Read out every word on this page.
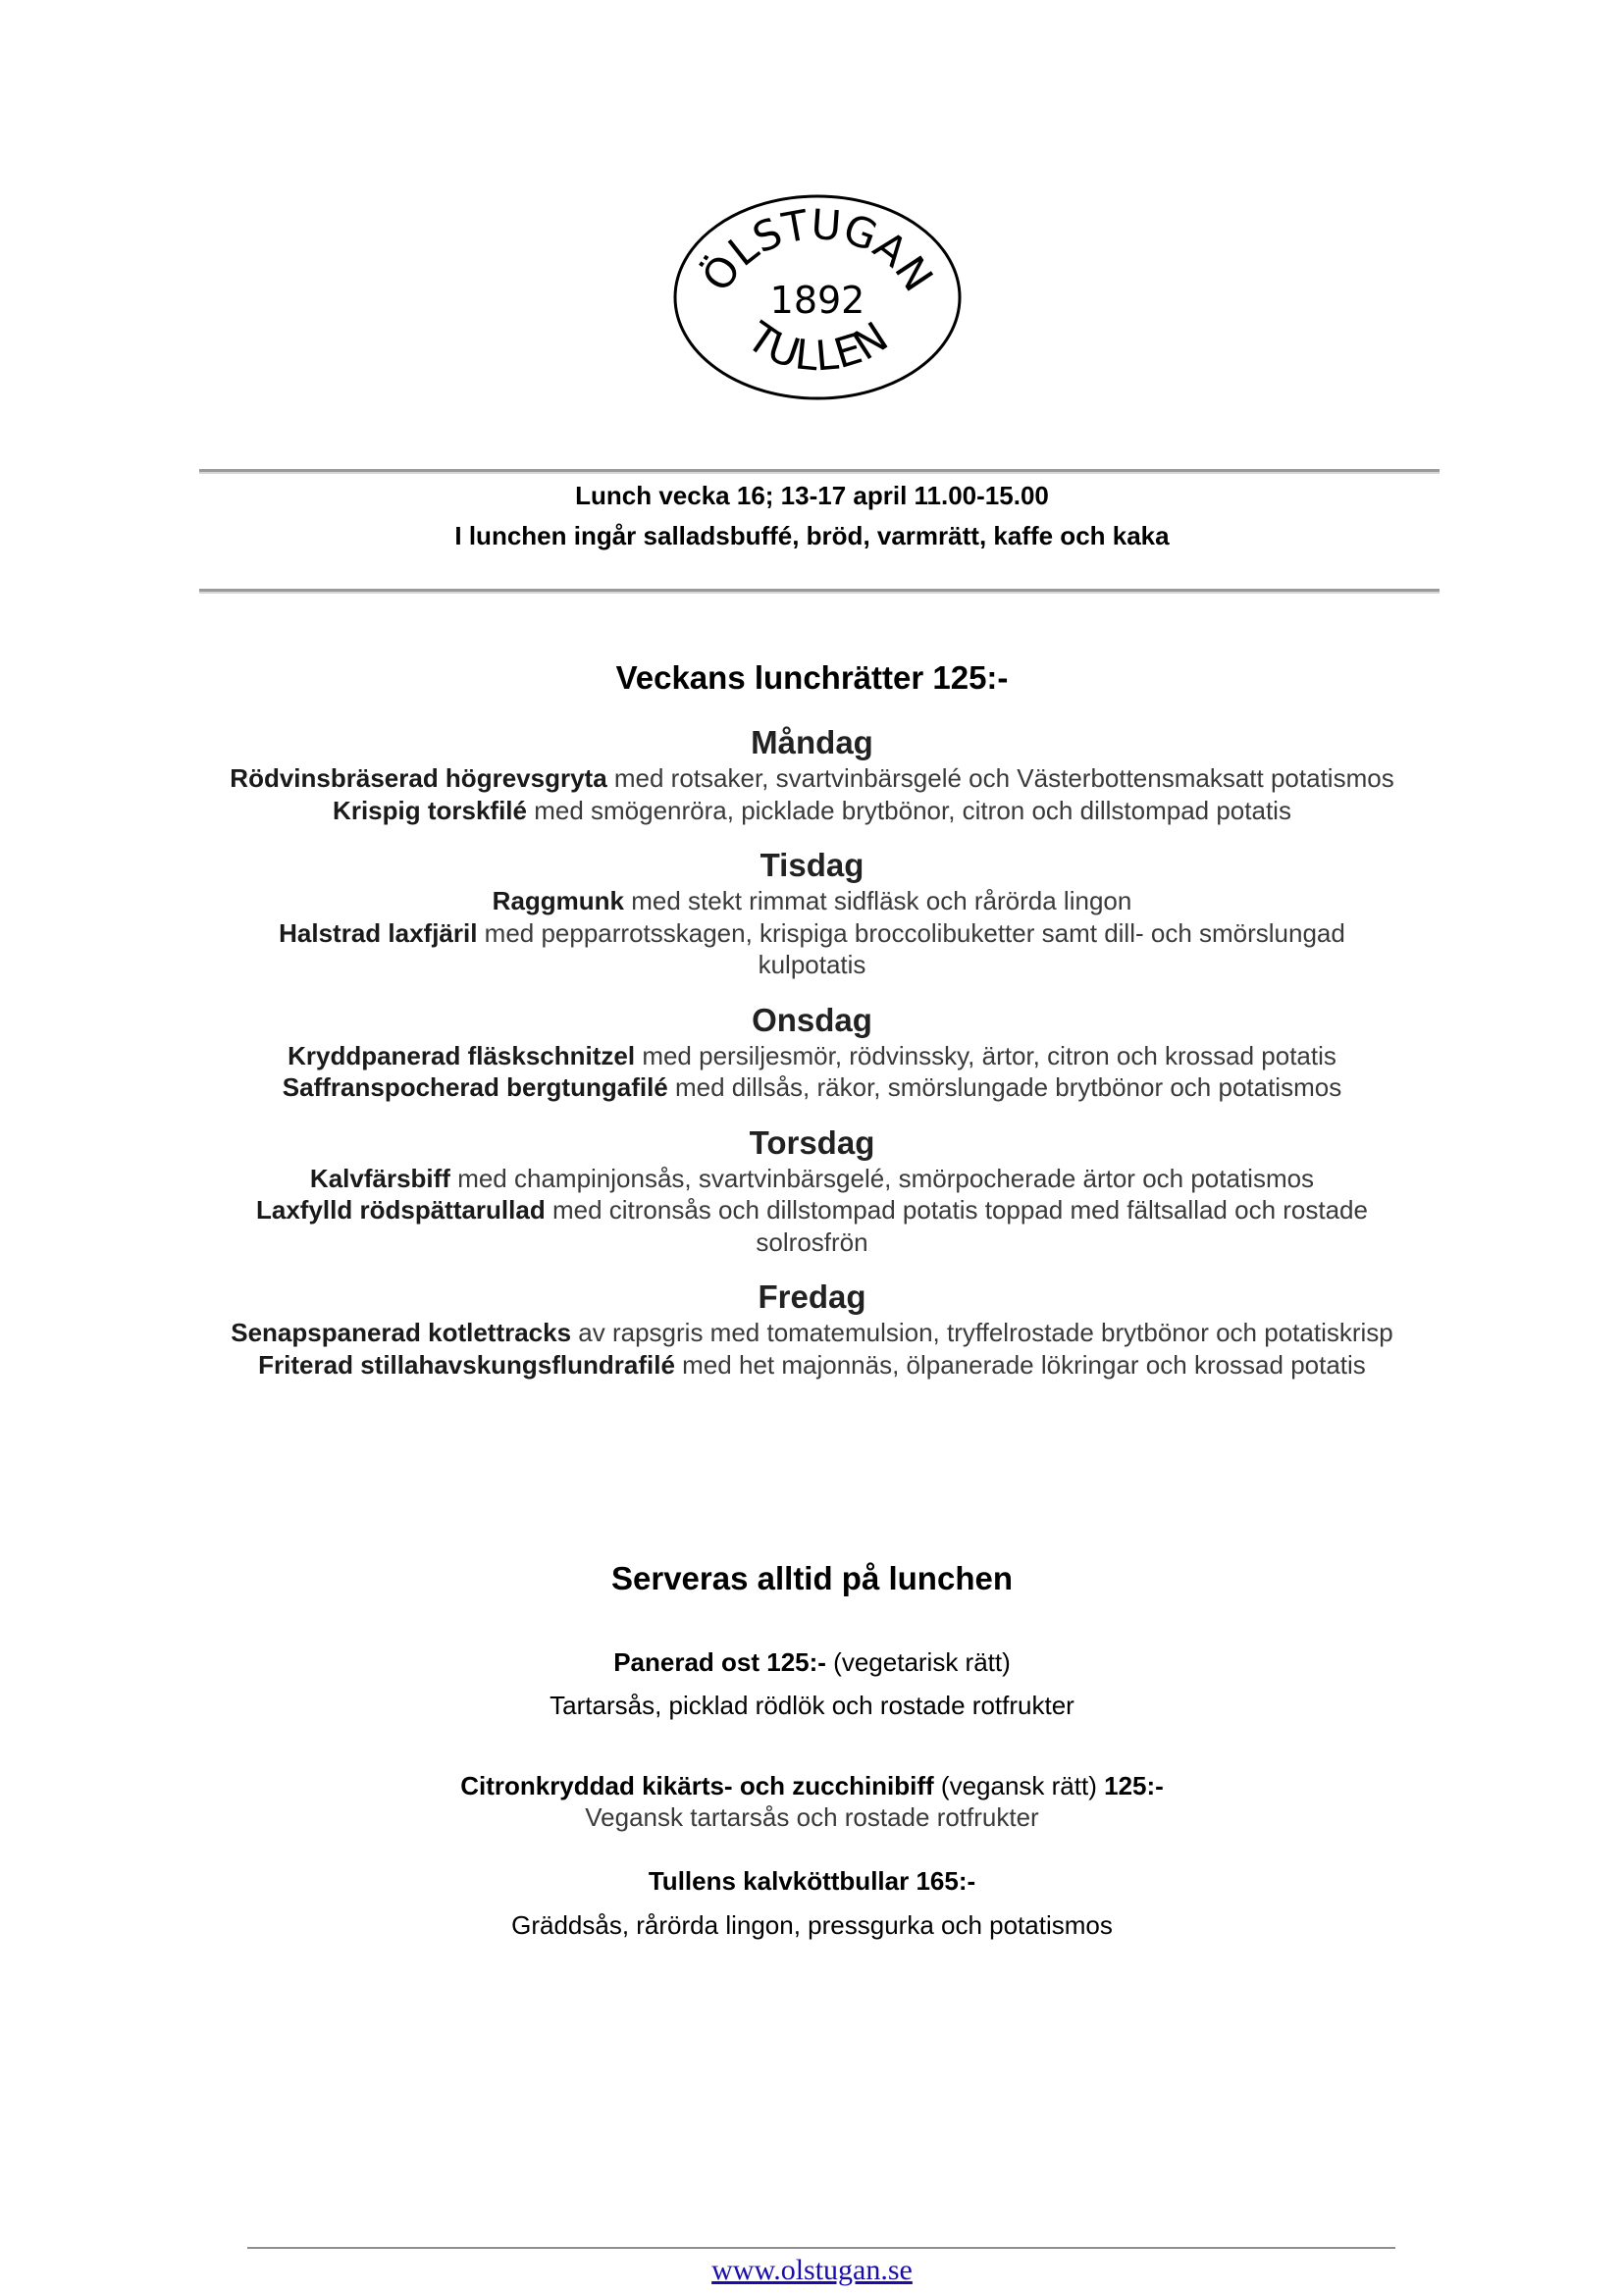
ÖLSTUGAN
1892
TULLEN
Lunch vecka 16; 13-17 april 11.00-15.00
I lunchen ingår salladsbuffé, bröd, varmrätt, kaffe och kaka
Veckans lunchrätter 125:-

Måndag

Rödvinsbräserad högrevsgryta med rotsaker, svartvinbärsgelé och Västerbottensmaksatt potatismos

Krispig torskfilé med smögenröra, picklade brytbönor, citron och dillstompad potatis

Tisdag

Raggmunk med stekt rimmat sidfläsk och rårörda lingon

Halstrad laxfjäril med pepparrotsskagen, krispiga broccolibuketter samt dill- och smörslungad kulpotatis

Onsdag

Kryddpanerad fläskschnitzel med persiljesmör, rödvinssky, ärtor, citron och krossad potatis

Saffranspocherad bergtungafilé med dillsås, räkor, smörslungade brytbönor och potatismos

Torsdag

Kalvfärsbiff med champinjonsås, svartvinbärsgelé, smörpocherade ärtor och potatismos

Laxfylld rödspättarullad med citronsås och dillstompad potatis toppad med fältsallad och rostade solrosfrön

Fredag

Senapspanerad kotlettracks av rapsgris med tomatemulsion, tryffelrostade brytbönor och potatiskrisp

Friterad stillahavskungsflundrafilé med het majonnäs, ölpanerade lökringar och krossad potatis

Serveras alltid på lunchen
Panerad ost 125:- (vegetarisk rätt)
Tartarsås, picklad rödlök och rostade rotfrukter
Citronkryddad kikärts- och zucchinibiff (vegansk rätt) 125:-
Vegansk tartarsås och rostade rotfrukter
Tullens kalvköttbullar 165:-
Gräddsås, rårörda lingon, pressgurka och potatismos
www.olstugan.se
